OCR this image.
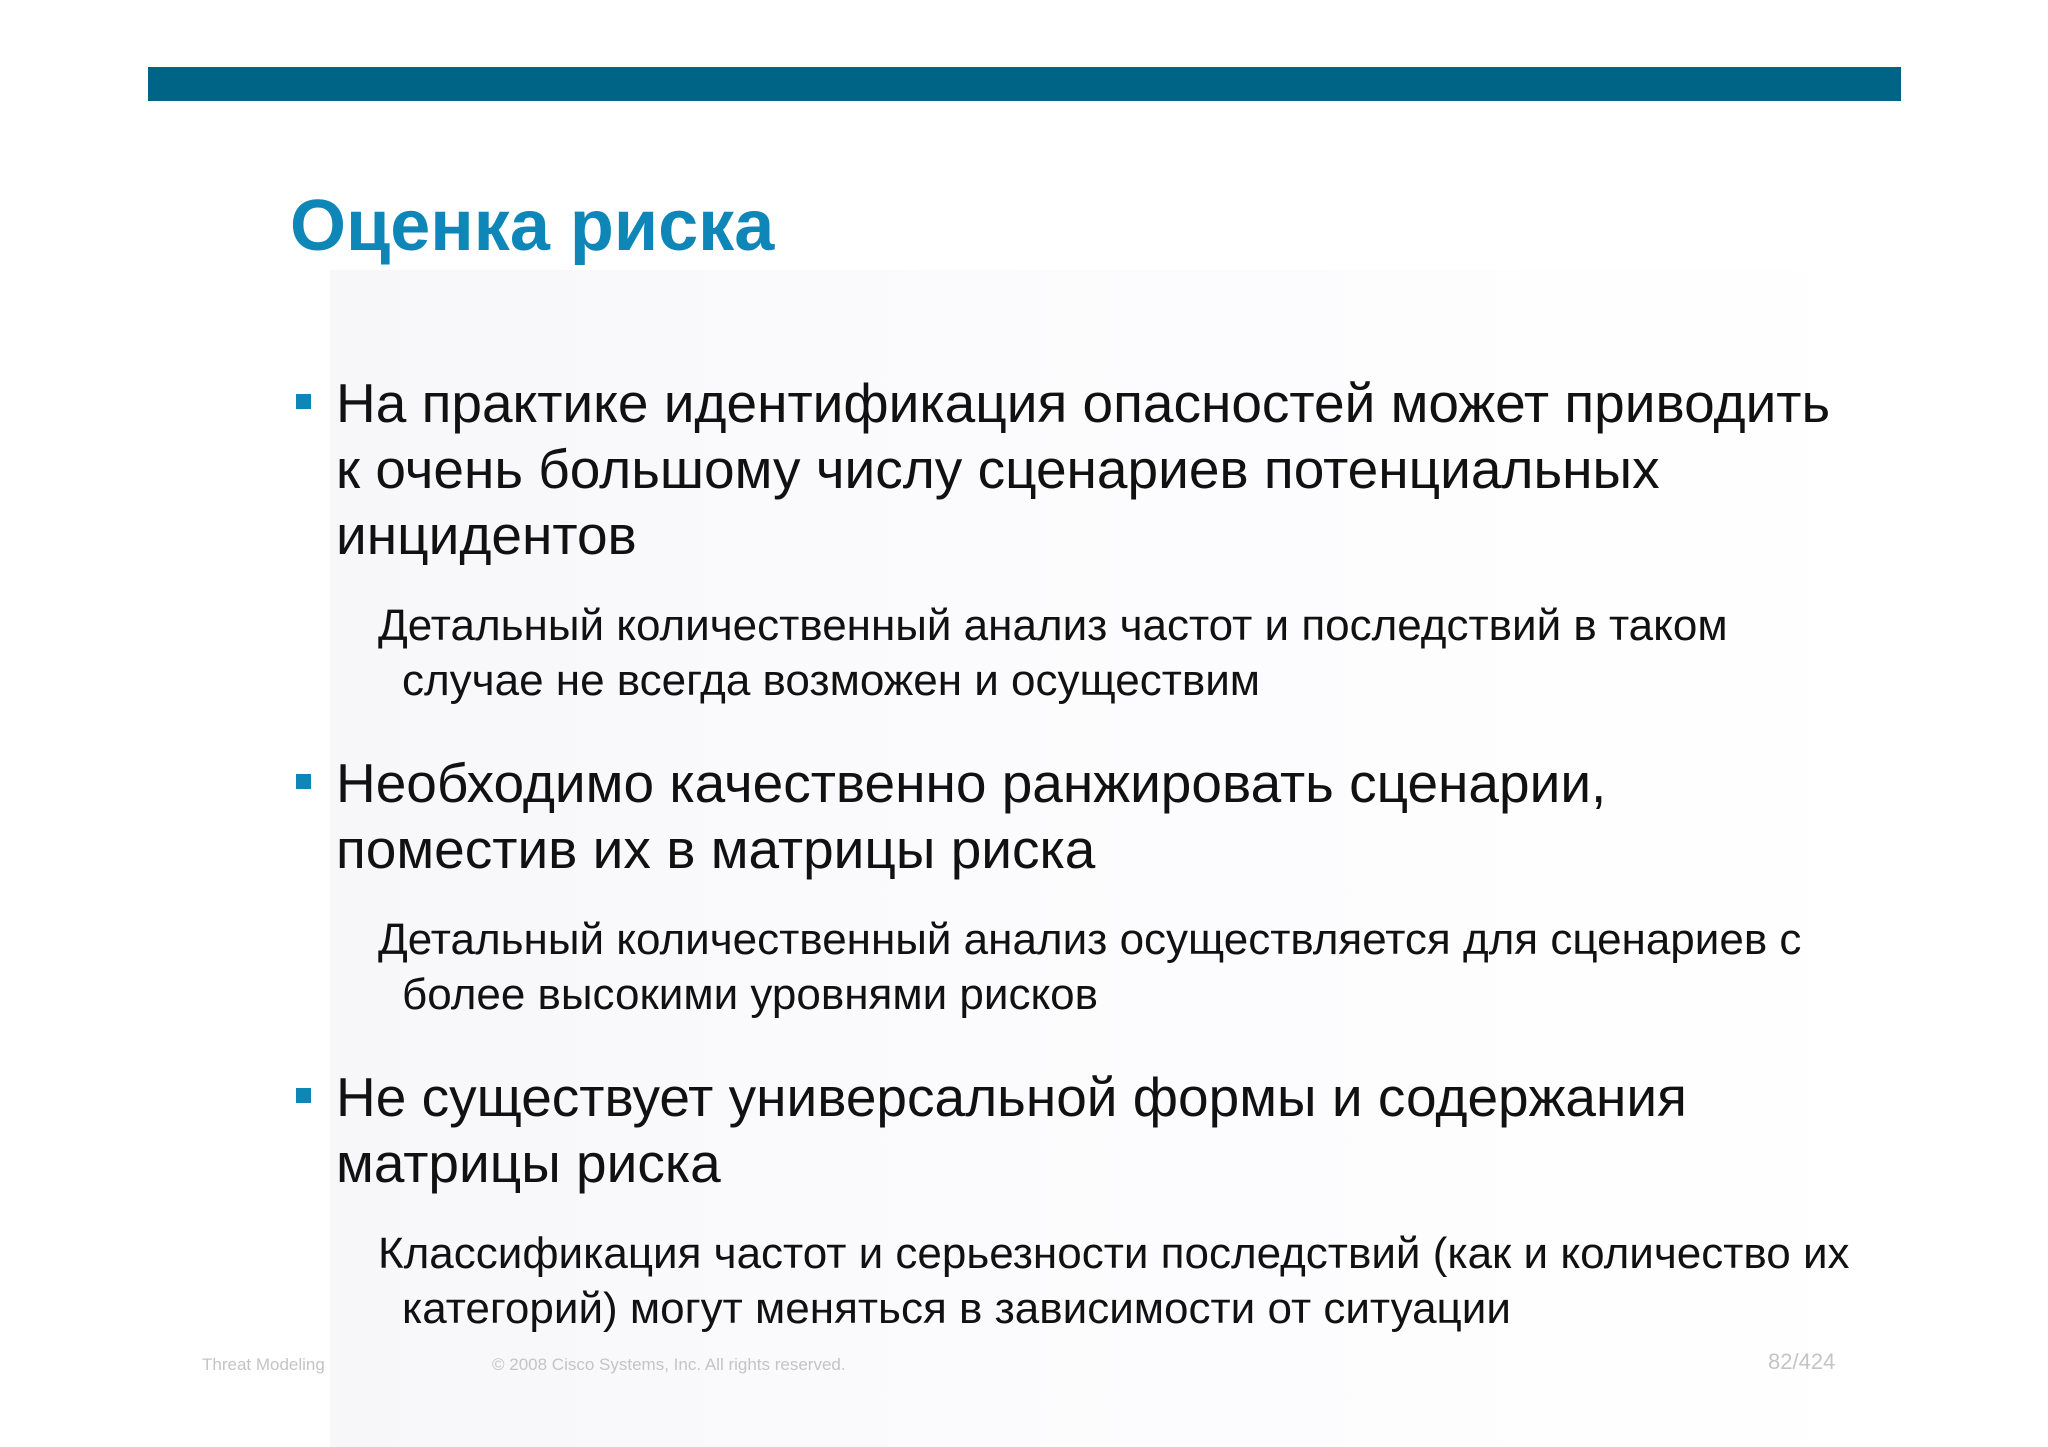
Оценка риска
На практике идентификация опасностей может приводить к очень большому числу сценариев потенциальных инцидентов
Детальный количественный анализ частот и последствий в таком случае не всегда возможен и осуществим
Необходимо качественно ранжировать сценарии, поместив их в матрицы риска
Детальный количественный анализ осуществляется для сценариев с более высокими уровнями рисков
Не существует универсальной формы и содержания матрицы риска
Классификация частот и серьезности последствий (как и количество их категорий) могут меняться в зависимости от ситуации
Threat Modeling	© 2008 Cisco Systems, Inc. All rights reserved.	82/424
